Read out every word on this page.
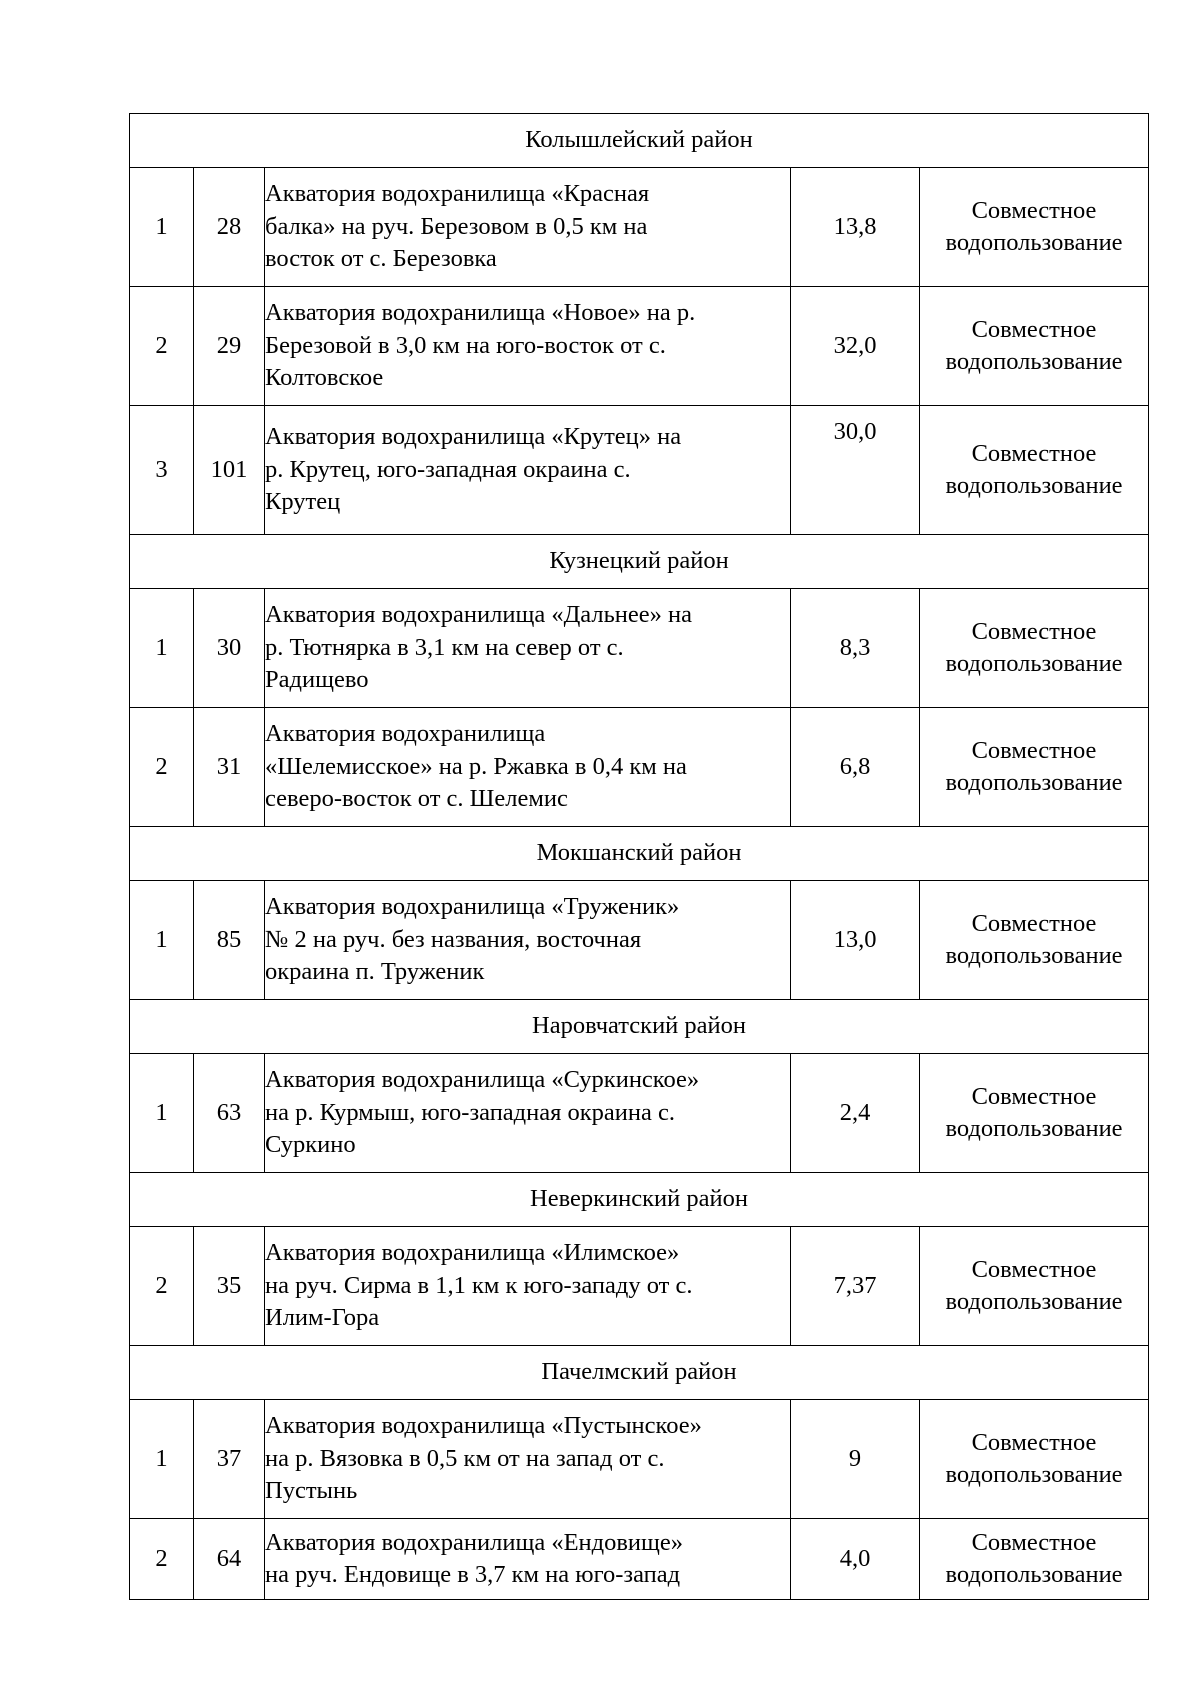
Колышлейский район				
1	28	Акватория водохранилища «Красная
балка» на руч. Березовом в 0,5 км на
восток от с. Березовка	13,8	Совместное
водопользование

2	29	Акватория водохранилища «Новое» на р.
Березовой в 3,0 км на юго-восток от с.
Колтовское	32,0	Совместное
водопользование

3	101	Акватория водохранилища «Крутец» на
р. Крутец, юго-западная окраина с.
Крутец	30,0	Совместное
водопользование

Кузнецкий район				
1	30	Акватория водохранилища «Дальнее» на
р. Тютнярка в 3,1 км на север от с.
Радищево	8,3	Совместное
водопользование

2	31	Акватория водохранилища
«Шелемисское» на р. Ржавка в 0,4 км на
северо-восток от с. Шелемис	6,8	Совместное
водопользование

Мокшанский район				
1	85	Акватория водохранилища «Труженик»
№ 2 на руч. без названия, восточная
окраина п. Труженик	13,0	Совместное
водопользование

Наровчатский район				
1	63	Акватория водохранилища «Суркинское»
на р. Курмыш, юго-западная окраина с.
Суркино	2,4	Совместное
водопользование

Неверкинский район				
2	35	Акватория водохранилища «Илимское»
на руч. Сирма в 1,1 км к юго-западу от с.
Илим-Гора	7,37	Совместное
водопользование

Пачелмский район				
1	37	Акватория водохранилища «Пустынское»
на р. Вязовка в 0,5 км от на запад от с.
Пустынь	9	Совместное
водопользование

2	64	Акватория водохранилища «Ендовище»
на руч. Ендовище в 3,7 км на юго-запад	4,0	Совместное
водопользование
